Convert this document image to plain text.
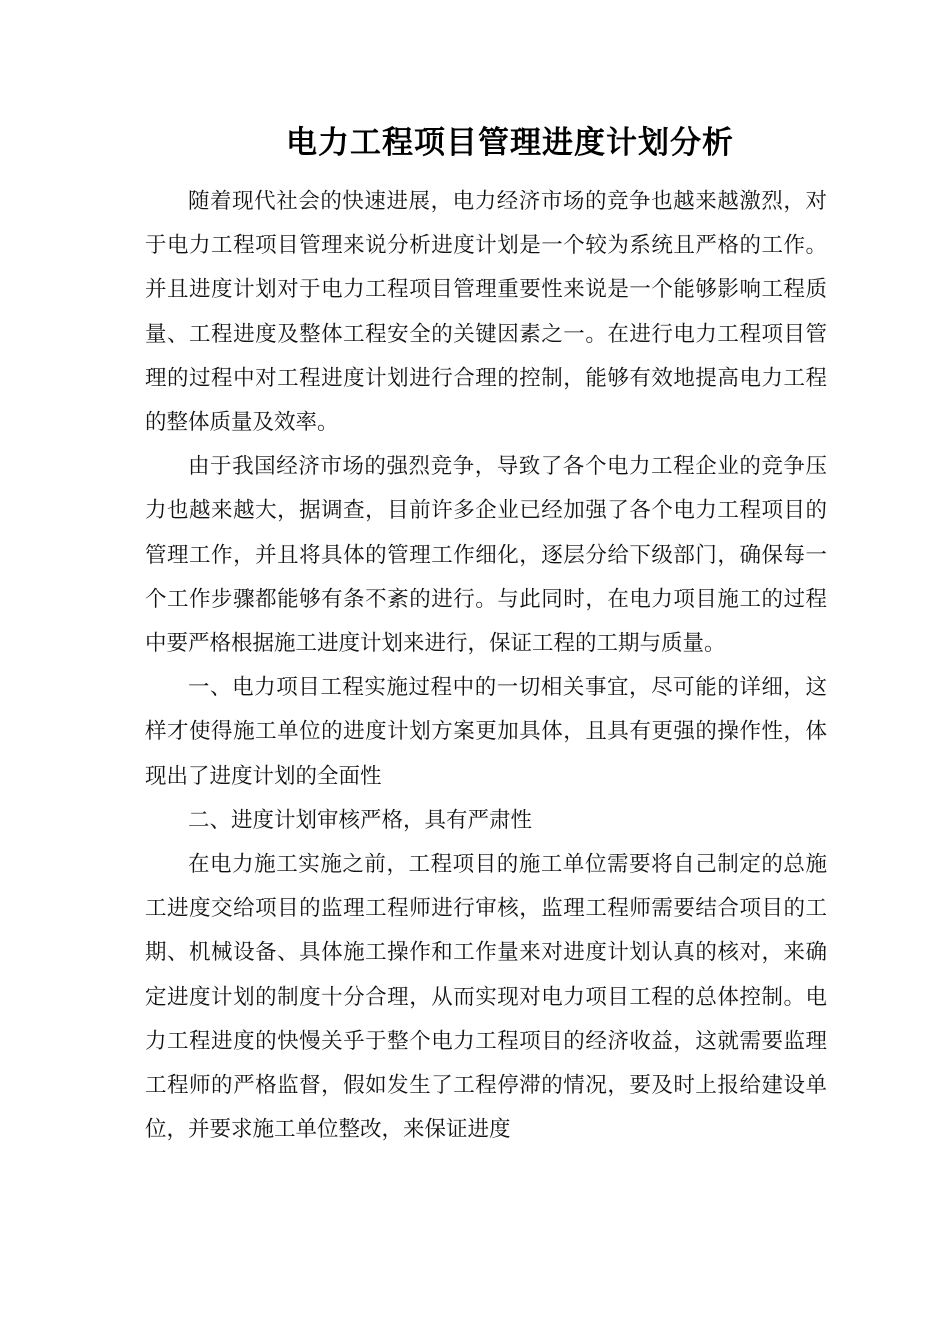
电力工程项目管理进度计划分析

随着现代社会的快速进展，电力经济市场的竞争也越来越激烈，对于电力工程项目管理来说分析进度计划是一个较为系统且严格的工作。并且进度计划对于电力工程项目管理重要性来说是一个能够影响工程质量、工程进度及整体工程安全的关键因素之一。在进行电力工程项目管理的过程中对工程进度计划进行合理的控制，能够有效地提高电力工程的整体质量及效率。

由于我国经济市场的强烈竞争，导致了各个电力工程企业的竞争压力也越来越大，据调查，目前许多企业已经加强了各个电力工程项目的管理工作，并且将具体的管理工作细化，逐层分给下级部门，确保每一个工作步骤都能够有条不紊的进行。与此同时，在电力项目施工的过程中要严格根据施工进度计划来进行，保证工程的工期与质量。

一、电力项目工程实施过程中的一切相关事宜，尽可能的详细，这样才使得施工单位的进度计划方案更加具体，且具有更强的操作性，体现出了进度计划的全面性

二、进度计划审核严格，具有严肃性

在电力施工实施之前，工程项目的施工单位需要将自己制定的总施工进度交给项目的监理工程师进行审核，监理工程师需要结合项目的工期、机械设备、具体施工操作和工作量来对进度计划认真的核对，来确定进度计划的制度十分合理，从而实现对电力项目工程的总体控制。电力工程进度的快慢关乎于整个电力工程项目的经济收益，这就需要监理工程师的严格监督，假如发生了工程停滞的情况，要及时上报给建设单位，并要求施工单位整改，来保证进度
